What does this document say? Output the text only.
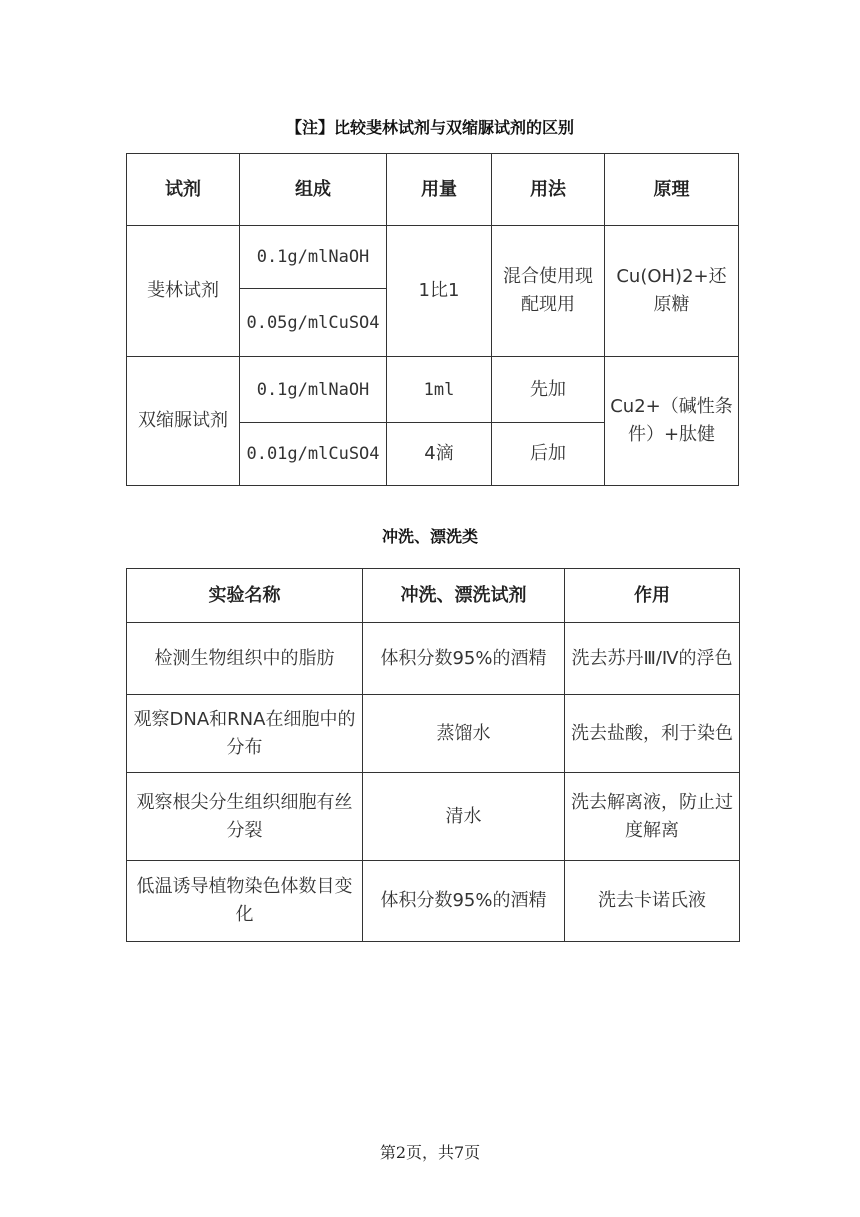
【注】比较斐林试剂与双缩脲试剂的区别
试剂	组成	用量	用法	原理
斐林试剂	0.1g/mlNaOH	1比1	混合使用现配现用	Cu(OH)2+还原糖
	0.05g/mlCuSO4			
双缩脲试剂	0.1g/mlNaOH	1ml	先加	Cu2+（碱性条件）+肽健
	0.01g/mlCuSO4	4滴	后加	
冲洗、漂洗类
实验名称	冲洗、漂洗试剂	作用
检测生物组织中的脂肪	体积分数95%的酒精	洗去苏丹Ⅲ/Ⅳ的浮色
观察DNA和RNA在细胞中的分布	蒸馏水	洗去盐酸，利于染色
观察根尖分生组织细胞有丝分裂	清水	洗去解离液，防止过度解离
低温诱导植物染色体数目变化	体积分数95%的酒精	洗去卡诺氏液
第2页，共7页
